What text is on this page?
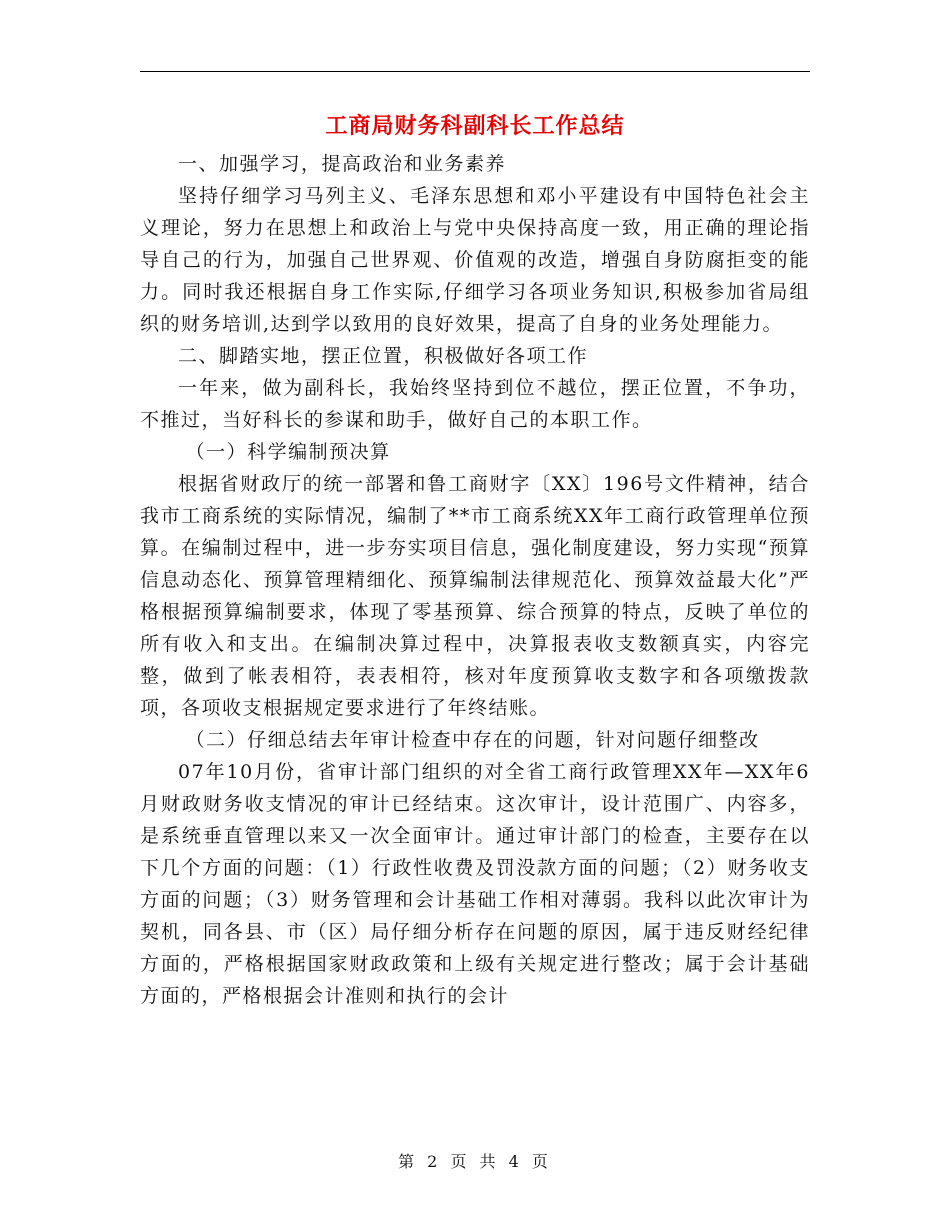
工商局财务科副科长工作总结

一、加强学习，提高政治和业务素养

坚持仔细学习马列主义、毛泽东思想和邓小平建设有中国特色社会主义理论，努力在思想上和政治上与党中央保持高度一致，用正确的理论指导自己的行为，加强自己世界观、价值观的改造，增强自身防腐拒变的能力。同时我还根据自身工作实际,仔细学习各项业务知识,积极参加省局组织的财务培训,达到学以致用的良好效果，提高了自身的业务处理能力。

二、脚踏实地，摆正位置，积极做好各项工作

一年来，做为副科长，我始终坚持到位不越位，摆正位置，不争功，不推过，当好科长的参谋和助手，做好自己的本职工作。

（一）科学编制预决算

根据省财政厅的统一部署和鲁工商财字〔XX〕196号文件精神，结合我市工商系统的实际情况，编制了**市工商系统XX年工商行政管理单位预算。在编制过程中，进一步夯实项目信息，强化制度建设，努力实现“预算信息动态化、预算管理精细化、预算编制法律规范化、预算效益最大化”严格根据预算编制要求，体现了零基预算、综合预算的特点，反映了单位的所有收入和支出。在编制决算过程中，决算报表收支数额真实，内容完整，做到了帐表相符，表表相符，核对年度预算收支数字和各项缴拨款项，各项收支根据规定要求进行了年终结账。

（二）仔细总结去年审计检查中存在的问题，针对问题仔细整改

07年10月份，省审计部门组织的对全省工商行政管理XX年—XX年6月财政财务收支情况的审计已经结束。这次审计，设计范围广、内容多，是系统垂直管理以来又一次全面审计。通过审计部门的检查，主要存在以下几个方面的问题：（1）行政性收费及罚没款方面的问题；（2）财务收支方面的问题；（3）财务管理和会计基础工作相对薄弱。我科以此次审计为契机，同各县、市（区）局仔细分析存在问题的原因，属于违反财经纪律方面的，严格根据国家财政政策和上级有关规定进行整改；属于会计基础方面的，严格根据会计准则和执行的会计

第 2 页 共 4 页
